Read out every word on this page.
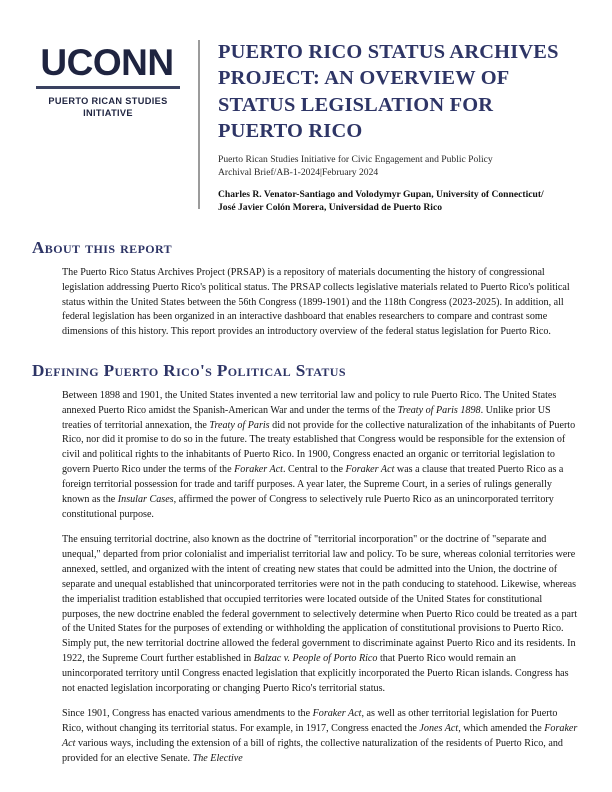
UCONN
PUERTO RICAN STUDIES
INITIATIVE
PUERTO RICO STATUS ARCHIVES PROJECT: AN OVERVIEW OF STATUS LEGISLATION FOR PUERTO RICO
Puerto Rican Studies Initiative for Civic Engagement and Public Policy
Archival Brief/AB-1-2024|February 2024
Charles R. Venator-Santiago and Volodymyr Gupan, University of Connecticut/
José Javier Colón Morera, Universidad de Puerto Rico
About this report

The Puerto Rico Status Archives Project (PRSAP) is a repository of materials documenting the history of congressional legislation addressing Puerto Rico's political status. The PRSAP collects legislative materials related to Puerto Rico's political status within the United States between the 56th Congress (1899-1901) and the 118th Congress (2023-2025). In addition, all federal legislation has been organized in an interactive dashboard that enables researchers to compare and contrast some dimensions of this history. This report provides an introductory overview of the federal status legislation for Puerto Rico.

Defining Puerto Rico's Political Status

Between 1898 and 1901, the United States invented a new territorial law and policy to rule Puerto Rico. The United States annexed Puerto Rico amidst the Spanish-American War and under the terms of the Treaty of Paris 1898. Unlike prior US treaties of territorial annexation, the Treaty of Paris did not provide for the collective naturalization of the inhabitants of Puerto Rico, nor did it promise to do so in the future. The treaty established that Congress would be responsible for the extension of civil and political rights to the inhabitants of Puerto Rico. In 1900, Congress enacted an organic or territorial legislation to govern Puerto Rico under the terms of the Foraker Act. Central to the Foraker Act was a clause that treated Puerto Rico as a foreign territorial possession for trade and tariff purposes. A year later, the Supreme Court, in a series of rulings generally known as the Insular Cases, affirmed the power of Congress to selectively rule Puerto Rico as an unincorporated territory constitutional purpose.

The ensuing territorial doctrine, also known as the doctrine of "territorial incorporation" or the doctrine of "separate and unequal," departed from prior colonialist and imperialist territorial law and policy. To be sure, whereas colonial territories were annexed, settled, and organized with the intent of creating new states that could be admitted into the Union, the doctrine of separate and unequal established that unincorporated territories were not in the path conducing to statehood. Likewise, whereas the imperialist tradition established that occupied territories were located outside of the United States for constitutional purposes, the new doctrine enabled the federal government to selectively determine when Puerto Rico could be treated as a part of the United States for the purposes of extending or withholding the application of constitutional provisions to Puerto Rico. Simply put, the new territorial doctrine allowed the federal government to discriminate against Puerto Rico and its residents. In 1922, the Supreme Court further established in Balzac v. People of Porto Rico that Puerto Rico would remain an unincorporated territory until Congress enacted legislation that explicitly incorporated the Puerto Rican islands. Congress has not enacted legislation incorporating or changing Puerto Rico's territorial status.

Since 1901, Congress has enacted various amendments to the Foraker Act, as well as other territorial legislation for Puerto Rico, without changing its territorial status. For example, in 1917, Congress enacted the Jones Act, which amended the Foraker Act various ways, including the extension of a bill of rights, the collective naturalization of the residents of Puerto Rico, and provided for an elective Senate. The Elective
